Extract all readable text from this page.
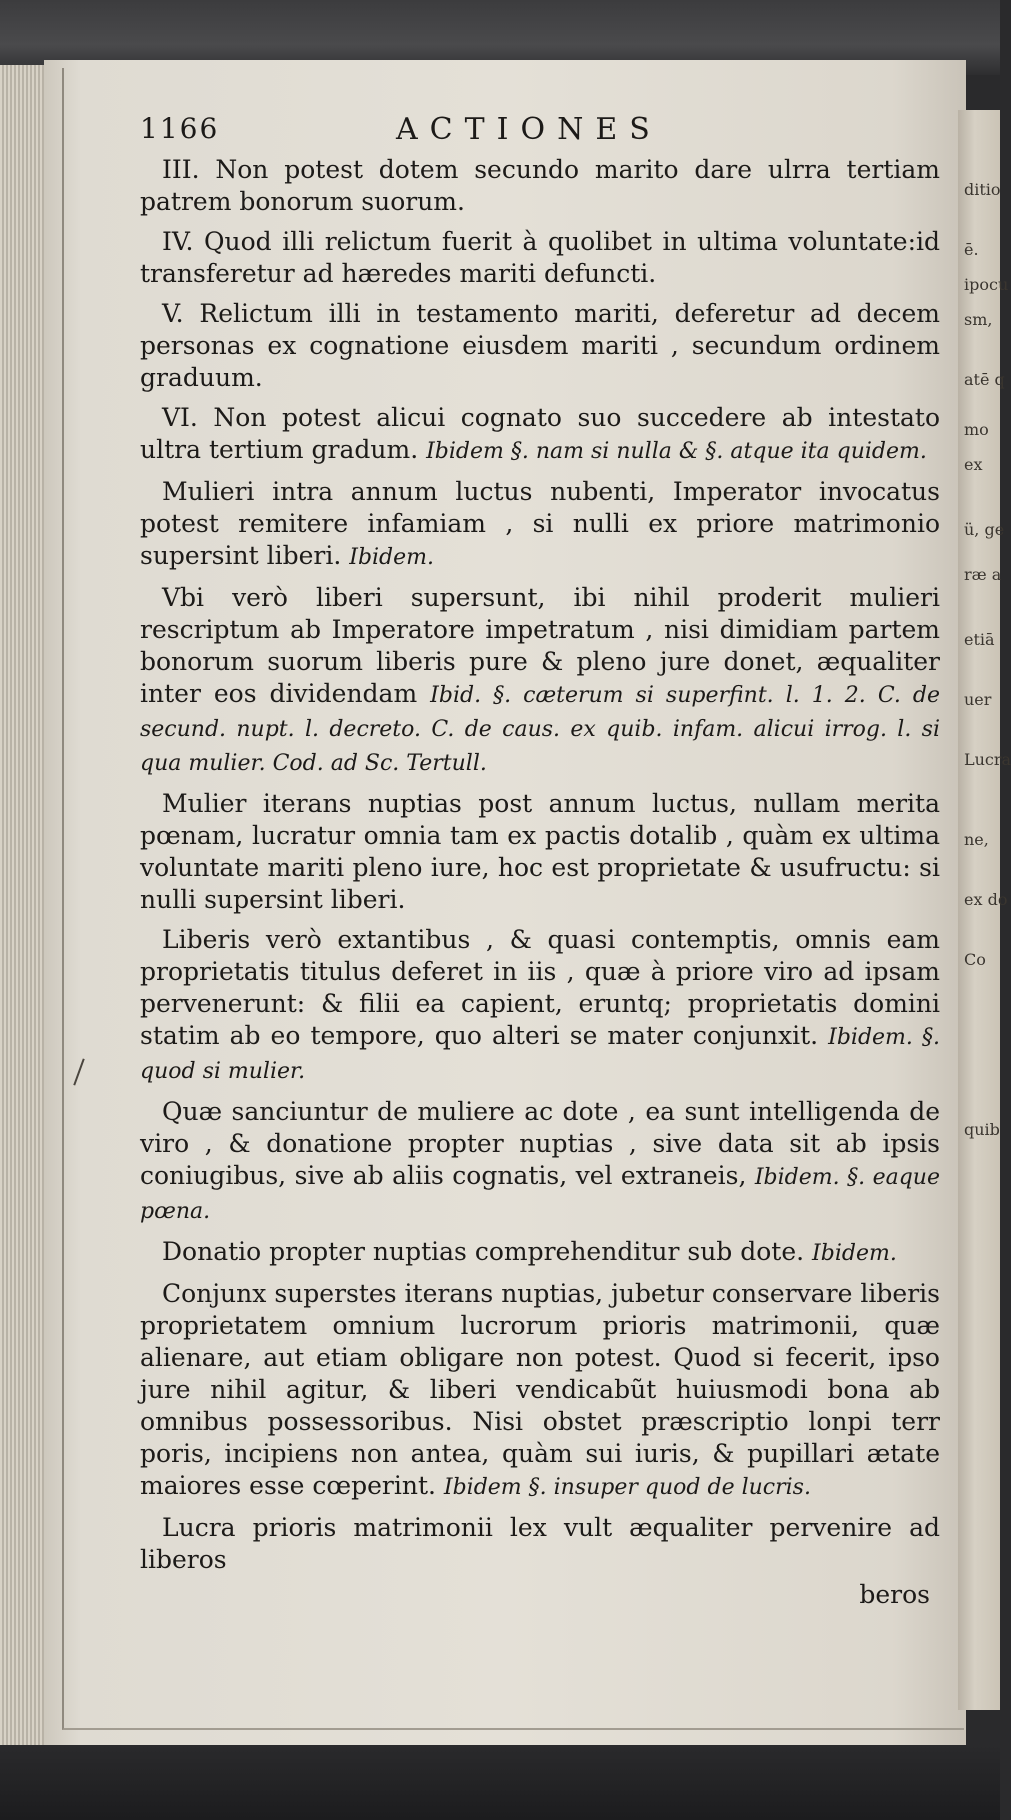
ditio
ē.
ipocu
sm,
atē q
mo
ex
ü, ge
ræ a
etiā
uer
Lucra
ne,
ex do
Co
quib
1166	ACTIONES

III. Non potest dotem secundo marito dare ulrra tertiam patrem bonorum suorum.

IV. Quod illi relictum fuerit à quolibet in ultima voluntate:id transferetur ad hæredes mariti defuncti.

V. Relictum illi in testamento mariti, deferetur ad decem personas ex cognatione eiusdem mariti , secundum ordinem graduum.

VI. Non potest alicui cognato suo succedere ab intestato ultra tertium gradum. Ibidem §. nam si nulla & §. atque ita quidem.

Mulieri intra annum luctus nubenti, Imperator invocatus potest remitere infamiam , si nulli ex priore matrimonio supersint liberi. Ibidem.

Vbi verò liberi supersunt, ibi nihil proderit mulieri rescriptum ab Imperatore impetratum , nisi dimidiam partem bonorum suorum liberis pure & pleno jure donet, æqualiter inter eos dividendam Ibid. §. cæterum si superfint. l. 1. 2. C. de secund. nupt. l. decreto. C. de caus. ex quib. infam. alicui irrog. l. si qua mulier. Cod. ad Sc. Tertull.

Mulier iterans nuptias post annum luctus, nullam merita pœnam, lucratur omnia tam ex pactis dotalib , quàm ex ultima voluntate mariti pleno iure, hoc est proprietate & usufructu: si nulli supersint liberi.

Liberis verò extantibus , & quasi contemptis, omnis eam proprietatis titulus deferet in iis , quæ à priore viro ad ipsam pervenerunt: & filii ea capient, eruntq; proprietatis domini statim ab eo tempore, quo alteri se mater conjunxit. Ibidem. §. quod si mulier.

Quæ sanciuntur de muliere ac dote , ea sunt intelligenda de viro , & donatione propter nuptias , sive data sit ab ipsis coniugibus, sive ab aliis cognatis, vel extraneis, Ibidem. §. eaque pœna.

Donatio propter nuptias comprehenditur sub dote. Ibidem.

Conjunx superstes iterans nuptias, jubetur conservare liberis proprietatem omnium lucrorum prioris matrimonii, quæ alienare, aut etiam obligare non potest. Quod si fecerit, ipso jure nihil agitur, & liberi vendicabũt huiusmodi bona ab omnibus possessoribus. Nisi obstet præscriptio lonpi terr poris, incipiens non antea, quàm sui iuris, & pupillari ætate maiores esse cœperint. Ibidem §. insuper quod de lucris.

Lucra prioris matrimonii lex vult æqualiter pervenire ad liberos

beros
